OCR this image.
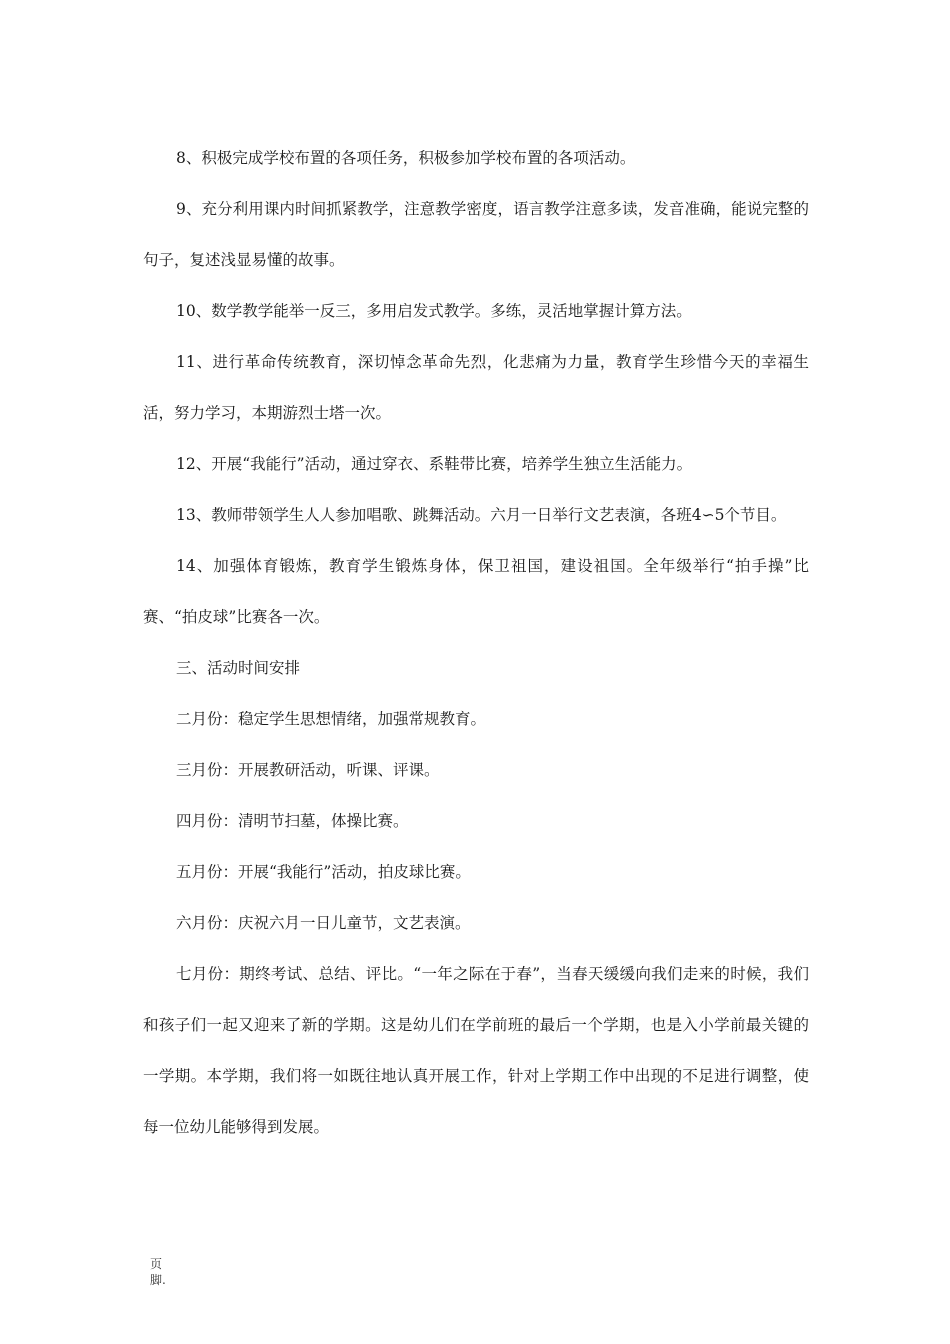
8、积极完成学校布置的各项任务，积极参加学校布置的各项活动。

9、充分利用课内时间抓紧教学，注意教学密度，语言教学注意多读，发音准确，能说完整的句子，复述浅显易懂的故事。

10、数学教学能举一反三，多用启发式教学。多练，灵活地掌握计算方法。

11、进行革命传统教育，深切悼念革命先烈，化悲痛为力量，教育学生珍惜今天的幸福生活，努力学习，本期游烈士塔一次。

12、开展“我能行”活动，通过穿衣、系鞋带比赛，培养学生独立生活能力。

13、教师带领学生人人参加唱歌、跳舞活动。六月一日举行文艺表演，各班4∽5个节目。

14、加强体育锻炼，教育学生锻炼身体，保卫祖国，建设祖国。全年级举行“拍手操”比赛、“拍皮球”比赛各一次。

三、活动时间安排

二月份：稳定学生思想情绪，加强常规教育。

三月份：开展教研活动，听课、评课。

四月份：清明节扫墓，体操比赛。

五月份：开展“我能行”活动，拍皮球比赛。

六月份：庆祝六月一日儿童节，文艺表演。

七月份：期终考试、总结、评比。“一年之际在于春”，当春天缓缓向我们走来的时候，我们和孩子们一起又迎来了新的学期。这是幼儿们在学前班的最后一个学期，也是入小学前最关键的一学期。本学期，我们将一如既往地认真开展工作，针对上学期工作中出现的不足进行调整，使每一位幼儿能够得到发展。

页
脚.
